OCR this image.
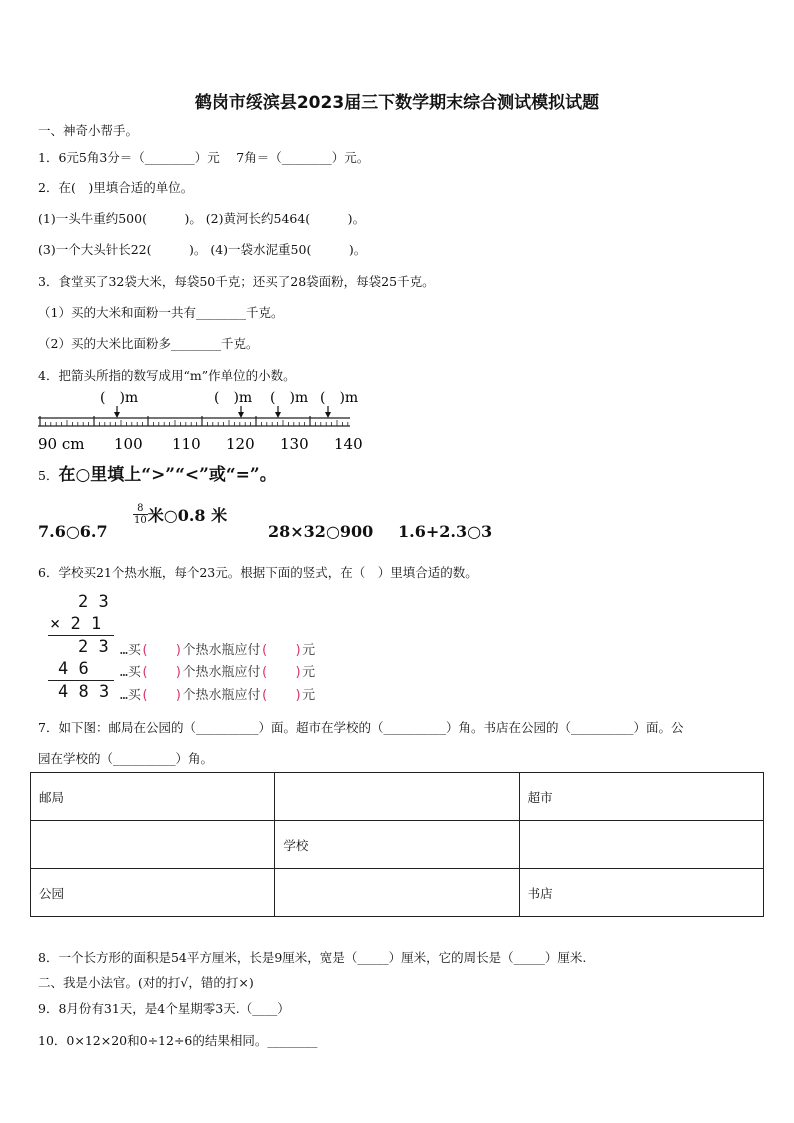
鹤岗市绥滨县2023届三下数学期末综合测试模拟试题
一、神奇小帮手。
1．6元5角3分＝（________）元　 7角＝（________）元。
2．在(　)里填合适的单位。
(1)一头牛重约500(　　　)。 (2)黄河长约5464(　　　)。
(3)一个大头针长22(　　　)。 (4)一袋水泥重50(　　　)。
3．食堂买了32袋大米，每袋50千克；还买了28袋面粉，每袋25千克。
（1）买的大米和面粉一共有________千克。
（2）买的大米比面粉多________千克。
4．把箭头所指的数写成用“m”作单位的小数。
(　)m	(　)m (　)m (　)m
90 cm 100 110 120 130 140
5．在○里填上“>”“<”或“=”。
7.6○6.7
$\frac{8}{10}$ 米○0.8 米
28×32○900 1.6+2.3○3
6．学校买21个热水瓶，每个23元。根据下面的竖式，在（　）里填合适的数。
2 3
× 2 1
2 3
4 6
4 8 3
…买(　　)个热水瓶应付(　　)元
…买(　　)个热水瓶应付(　　)元
…买(　　)个热水瓶应付(　　)元
7．如下图：邮局在公园的（__________）面。超市在学校的（__________）角。书店在公园的（__________）面。公
园在学校的（__________）角。
邮局		超市
	学校	
公园		书店
8．一个长方形的面积是54平方厘米，长是9厘米，宽是（_____）厘米，它的周长是（_____）厘米.
二、我是小法官。(对的打√，错的打×)
9．8月份有31天，是4个星期零3天.（____）
10．0×12×20和0÷12÷6的结果相同。________
